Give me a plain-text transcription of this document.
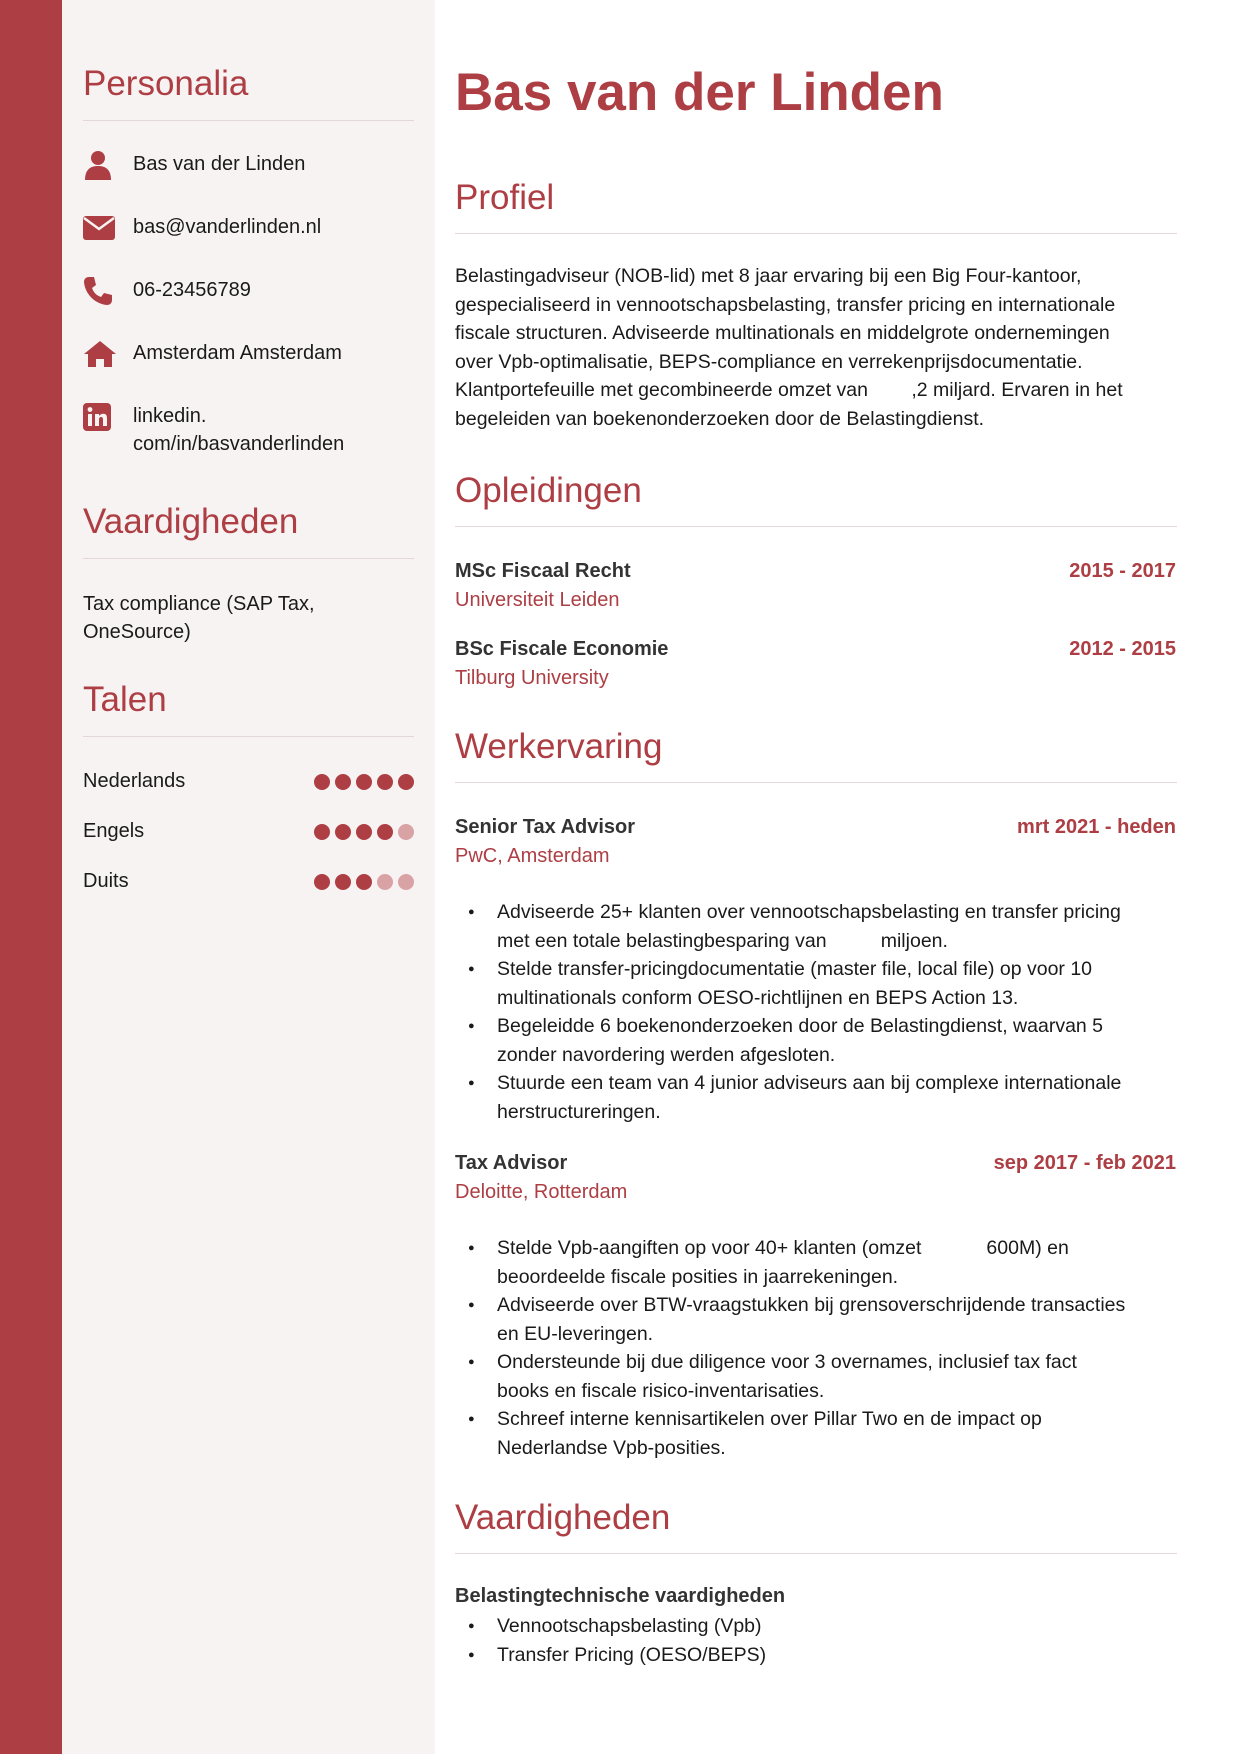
Personalia
Bas van der Linden
bas@vanderlinden.nl
06-23456789
Amsterdam Amsterdam
linkedin.
com/in/basvanderlinden
Vaardigheden
Tax compliance (SAP Tax,
OneSource)
Talen
Nederlands
Engels
Duits
Bas van der Linden
Profiel
Belastingadviseur (NOB-lid) met 8 jaar ervaring bij een Big Four-kantoor,
gespecialiseerd in vennootschapsbelasting, transfer pricing en internationale
fiscale structuren. Adviseerde multinationals en middelgrote ondernemingen
over Vpb-optimalisatie, BEPS-compliance en verrekenprijsdocumentatie.
Klantportefeuille met gecombineerde omzet van        ,2 miljard. Ervaren in het
begeleiden van boekenonderzoeken door de Belastingdienst.
Opleidingen
MSc Fiscaal Recht	2015 - 2017
Universiteit Leiden
BSc Fiscale Economie	2012 - 2015
Tilburg University
Werkervaring
Senior Tax Advisor	mrt 2021 - heden
PwC, Amsterdam
● Adviseerde 25+ klanten over vennootschapsbelasting en transfer pricing
met een totale belastingbesparing van          miljoen.
● Stelde transfer-pricingdocumentatie (master file, local file) op voor 10
multinationals conform OESO-richtlijnen en BEPS Action 13.
● Begeleidde 6 boekenonderzoeken door de Belastingdienst, waarvan 5
zonder navordering werden afgesloten.
● Stuurde een team van 4 junior adviseurs aan bij complexe internationale
herstructureringen.
Tax Advisor	sep 2017 - feb 2021
Deloitte, Rotterdam
● Stelde Vpb-aangiften op voor 40+ klanten (omzet            600M) en
beoordeelde fiscale posities in jaarrekeningen.
● Adviseerde over BTW-vraagstukken bij grensoverschrijdende transacties
en EU-leveringen.
● Ondersteunde bij due diligence voor 3 overnames, inclusief tax fact
books en fiscale risico-inventarisaties.
● Schreef interne kennisartikelen over Pillar Two en de impact op
Nederlandse Vpb-posities.
Vaardigheden
Belastingtechnische vaardigheden
● Vennootschapsbelasting (Vpb)
● Transfer Pricing (OESO/BEPS)
